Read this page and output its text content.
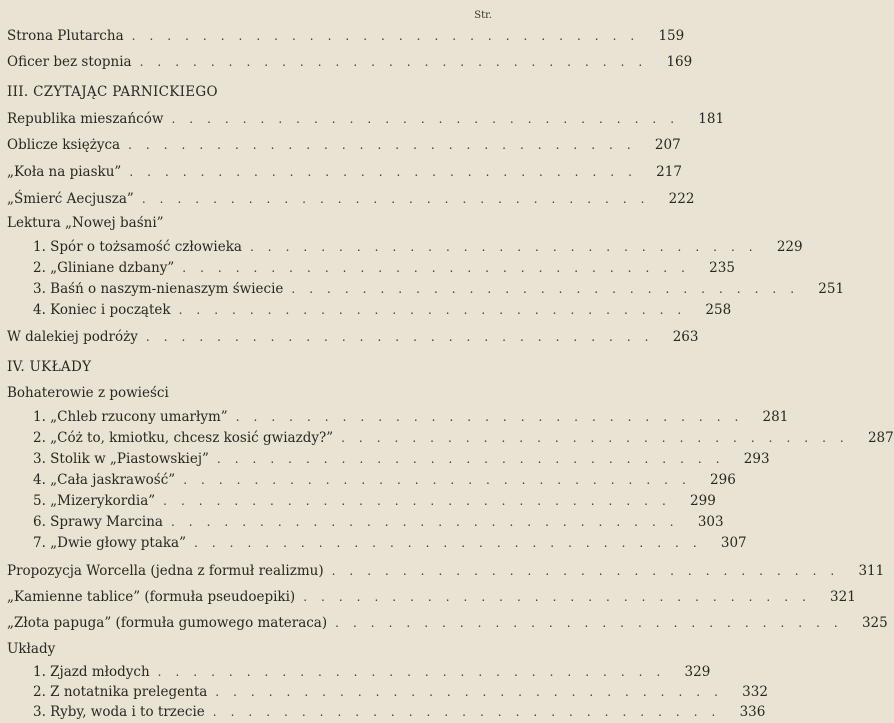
Str.
Strona Plutarcha ............................. 159
Oficer bez stopnia ............................. 169
III. CZYTAJĄC PARNICKIEGO
Republika mieszańców ............................. 181
Oblicze księżyca ............................. 207
„Koła na piasku” ............................. 217
„Śmierć Aecjusza” ............................. 222
Lektura „Nowej baśni”
1. Spór o tożsamość człowieka ............................. 229
2. „Gliniane dzbany” ............................. 235
3. Baśń o naszym-nienaszym świecie ............................. 251
4. Koniec i początek ............................. 258
W dalekiej podróży ............................. 263
IV. UKŁADY
Bohaterowie z powieści
1. „Chleb rzucony umarłym” ............................. 281
2. „Cóż to, kmiotku, chcesz kosić gwiazdy?” ............................. 287
3. Stolik w „Piastowskiej” ............................. 293
4. „Cała jaskrawość” ............................. 296
5. „Mizerykordia” ............................. 299
6. Sprawy Marcina ............................. 303
7. „Dwie głowy ptaka” ............................. 307
Propozycja Worcella (jedna z formuł realizmu) ............................. 311
„Kamienne tablice” (formuła pseudoepiki) ............................. 321
„Złota papuga” (formuła gumowego materaca) ............................. 325
Układy
1. Zjazd młodych ............................. 329
2. Z notatnika prelegenta ............................. 332
3. Ryby, woda i to trzecie ............................. 336
